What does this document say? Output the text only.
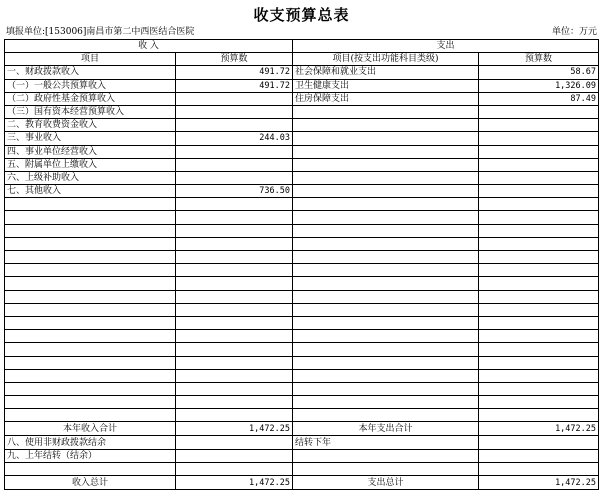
收支预算总表
填报单位:[153006]南昌市第二中西医结合医院	单位：万元
收 入		支出	
项目	预算数	项目(按支出功能科目类级)	预算数
一、财政拨款收入	491.72	社会保障和就业支出	58.67
（一）一般公共预算收入	491.72	卫生健康支出	1,326.09
（二）政府性基金预算收入		住房保障支出	87.49
（三）国有资本经营预算收入			
二、教育收费资金收入			
三、事业收入	244.03		
四、事业单位经营收入			
五、附属单位上缴收入			
六、上级补助收入			
七、其他收入	736.50		

本年收入合计	1,472.25	本年支出合计	1,472.25
八、使用非财政拨款结余		结转下年	
九、上年结转（结余）			

收入总计	1,472.25	支出总计	1,472.25
